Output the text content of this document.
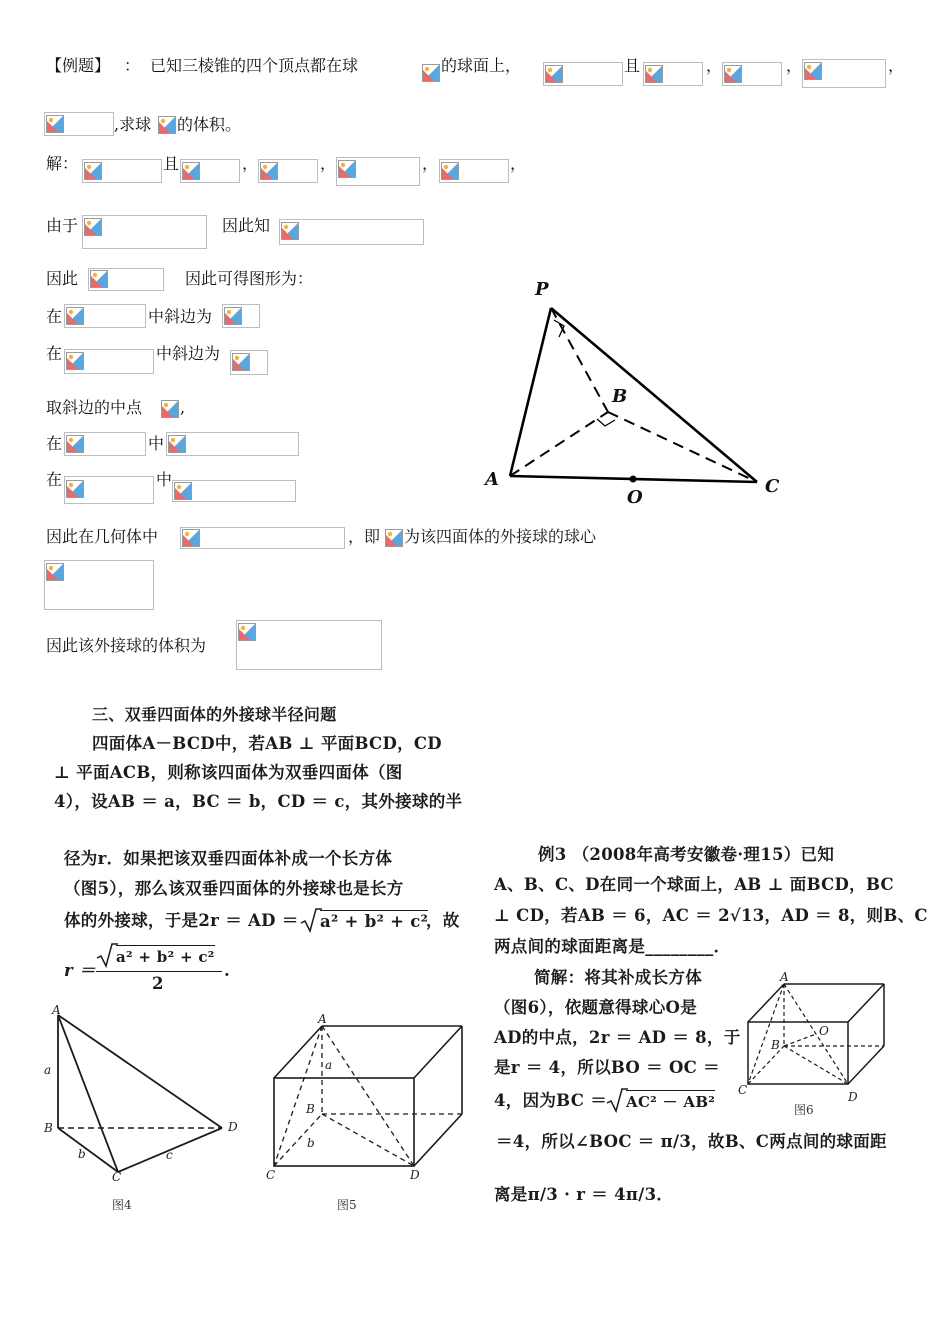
【例题】 ： 已知三棱锥的四个顶点都在球	的球面上，	且	，	，	，
,求球 的体积。
解：	且	，	，	，	，
由于	因此知
因此	因此可得图形为：
在	中斜边为
在	中斜边为
取斜边的中点 ,
在	中
在	中
因此在几何体中	，即 为该四面体的外接球的球心
因此该外接球的体积为
P
B
A	C
O
三、双垂四面体的外接球半径问题
四面体A－BCD中，若AB ⊥ 平面BCD，CD
⊥ 平面ACB，则称该四面体为双垂四面体（图
4），设AB ＝ a，BC ＝ b，CD ＝ c，其外接球的半
径为r．如果把该双垂四面体补成一个长方体
（图5），那么该双垂四面体的外接球也是长方
体的外接球，于是2r ＝ AD ＝ a² + b² + c²
，故
r ＝
a² + b² + c²
2
.
A
B
C
D
a
b	c
图4
A
B
C	D
a
b
图5
例3 （2008年高考安徽卷·理15）已知
A、B、C、D在同一个球面上，AB ⊥ 面BCD，BC
⊥ CD，若AB ＝ 6，AC ＝ 2√13，AD ＝ 8，则B、C
两点间的球面距离是________．
简解：将其补成长方体
（图6），依题意得球心O是
AD的中点，2r ＝ AD ＝ 8，于
是r ＝ 4，所以BO ＝ OC ＝
4，因为BC ＝ AC² － AB²
＝4，所以∠BOC ＝ π/3，故B、C两点间的球面距
离是π/3 · r ＝ 4π/3．
A
B
O
C	D
图6
